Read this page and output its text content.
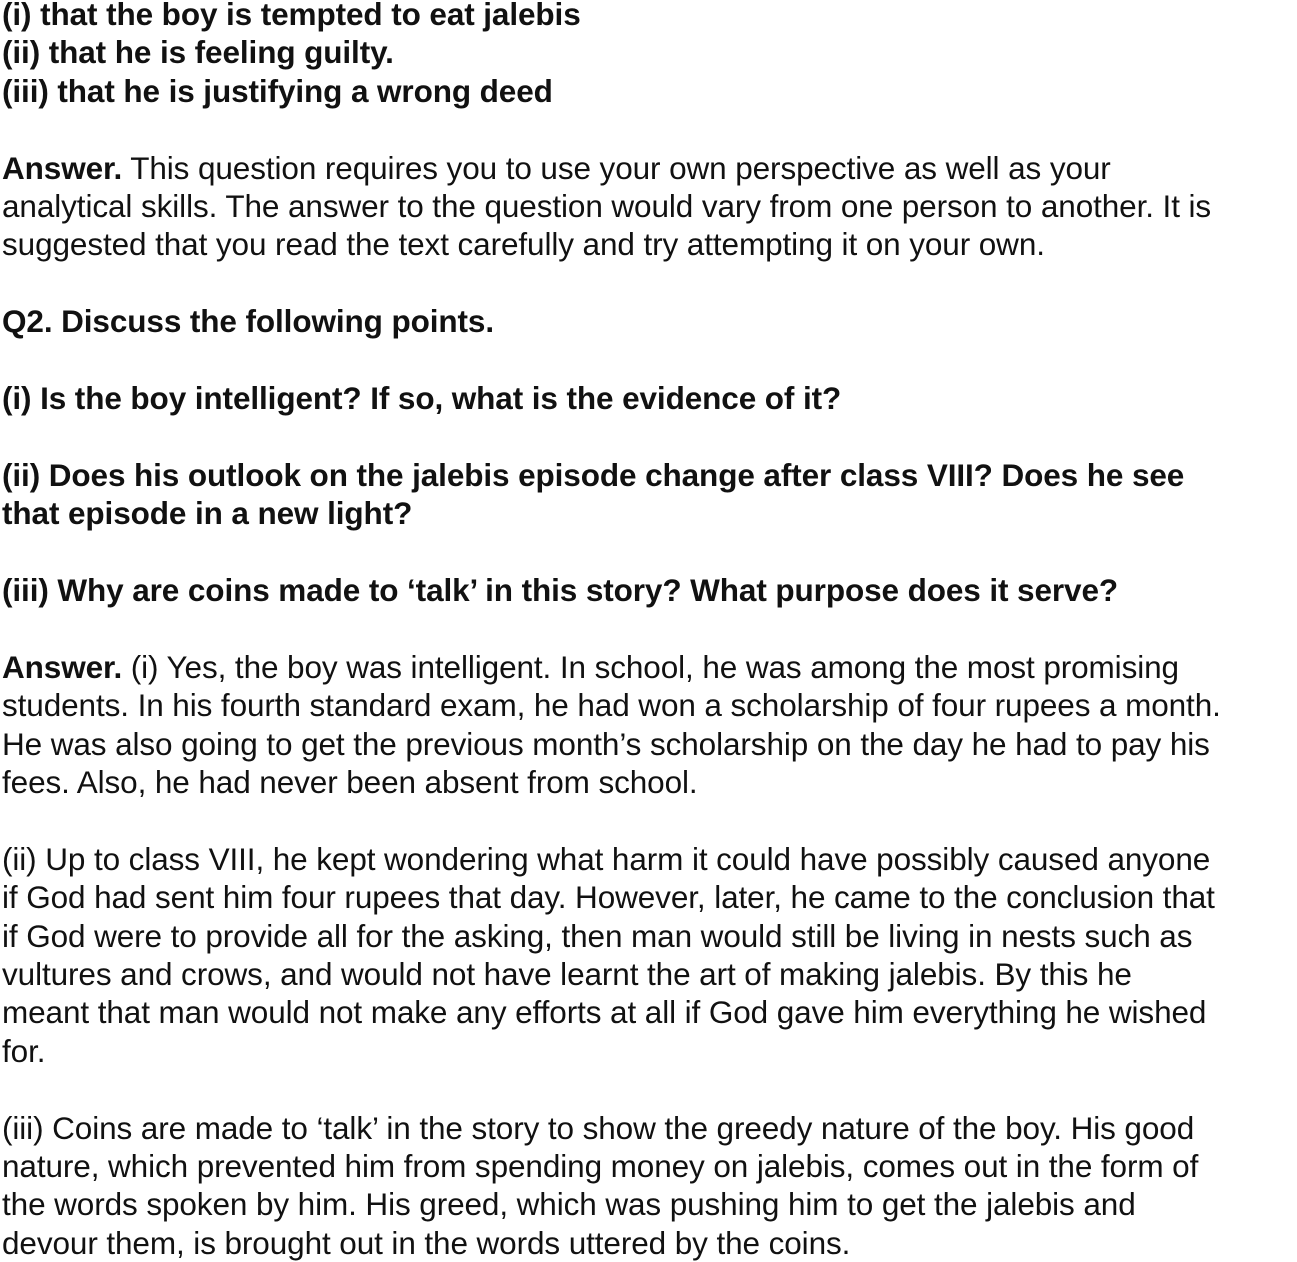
(i) that the boy is tempted to eat jalebis
(ii) that he is feeling guilty.
(iii) that he is justifying a wrong deed

Answer. This question requires you to use your own perspective as well as your
analytical skills. The answer to the question would vary from one person to another. It is
suggested that you read the text carefully and try attempting it on your own.

Q2. Discuss the following points.

(i) Is the boy intelligent? If so, what is the evidence of it?

(ii) Does his outlook on the jalebis episode change after class VIII? Does he see
that episode in a new light?

(iii) Why are coins made to ‘talk’ in this story? What purpose does it serve?

Answer. (i) Yes, the boy was intelligent. In school, he was among the most promising
students. In his fourth standard exam, he had won a scholarship of four rupees a month.
He was also going to get the previous month’s scholarship on the day he had to pay his
fees. Also, he had never been absent from school.

(ii) Up to class VIII, he kept wondering what harm it could have possibly caused anyone
if God had sent him four rupees that day. However, later, he came to the conclusion that
if God were to provide all for the asking, then man would still be living in nests such as
vultures and crows, and would not have learnt the art of making jalebis. By this he
meant that man would not make any efforts at all if God gave him everything he wished
for.

(iii) Coins are made to ‘talk’ in the story to show the greedy nature of the boy. His good
nature, which prevented him from spending money on jalebis, comes out in the form of
the words spoken by him. His greed, which was pushing him to get the jalebis and
devour them, is brought out in the words uttered by the coins.
